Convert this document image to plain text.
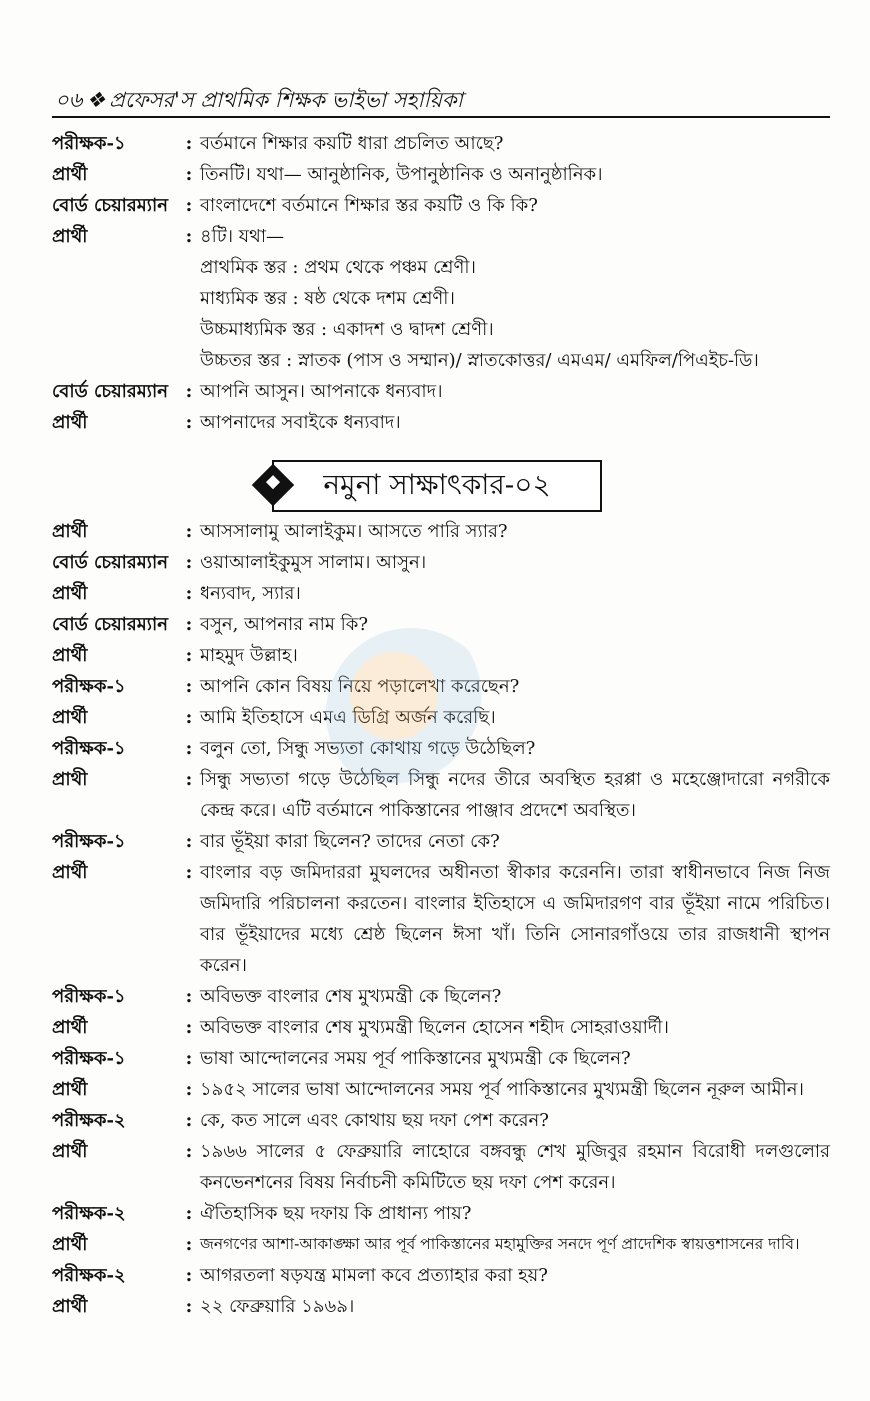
০৬ ❖ প্রফেসর'স প্রাথমিক শিক্ষক ভাইভা সহায়িকা
পরীক্ষক-১	: বর্তমানে শিক্ষার কয়টি ধারা প্রচলিত আছে?
প্রার্থী	: তিনটি। যথা— আনুষ্ঠানিক, উপানুষ্ঠানিক ও অনানুষ্ঠানিক।
বোর্ড চেয়ারম্যান : বাংলাদেশে বর্তমানে শিক্ষার স্তর কয়টি ও কি কি?
প্রার্থী	: ৪টি। যথা—
প্রাথমিক স্তর : প্রথম থেকে পঞ্চম শ্রেণী।
মাধ্যমিক স্তর : ষষ্ঠ থেকে দশম শ্রেণী।
উচ্চমাধ্যমিক স্তর : একাদশ ও দ্বাদশ শ্রেণী।
উচ্চতর স্তর : স্নাতক (পাস ও সম্মান)/ স্নাতকোত্তর/ এমএম/ এমফিল/পিএইচ-ডি।
বোর্ড চেয়ারম্যান : আপনি আসুন। আপনাকে ধন্যবাদ।
প্রার্থী	: আপনাদের সবাইকে ধন্যবাদ।
নমুনা সাক্ষাৎকার-০২
প্রার্থী	: আসসালামু আলাইকুম। আসতে পারি স্যার?
বোর্ড চেয়ারম্যান : ওয়াআলাইকুমুস সালাম। আসুন।
প্রার্থী	: ধন্যবাদ, স্যার।
বোর্ড চেয়ারম্যান : বসুন, আপনার নাম কি?
প্রার্থী	: মাহমুদ উল্লাহ।
পরীক্ষক-১	: আপনি কোন বিষয় নিয়ে পড়ালেখা করেছেন?
প্রার্থী	: আমি ইতিহাসে এমএ ডিগ্রি অর্জন করেছি।
পরীক্ষক-১	: বলুন তো, সিন্ধু সভ্যতা কোথায় গড়ে উঠেছিল?
প্রাথী	: সিন্ধু সভ্যতা গড়ে উঠেছিল সিন্ধু নদের তীরে অবস্থিত হরপ্পা ও মহেঞ্জোদারো নগরীকে কেন্দ্র করে। এটি বর্তমানে পাকিস্তানের পাঞ্জাব প্রদেশে অবস্থিত।
পরীক্ষক-১	: বার ভূঁইয়া কারা ছিলেন? তাদের নেতা কে?
প্রার্থী	: বাংলার বড় জমিদাররা মুঘলদের অধীনতা স্বীকার করেননি। তারা স্বাধীনভাবে নিজ নিজ জমিদারি পরিচালনা করতেন। বাংলার ইতিহাসে এ জমিদারগণ বার ভূঁইয়া নামে পরিচিত। বার ভূঁইয়াদের মধ্যে শ্রেষ্ঠ ছিলেন ঈসা খাঁ। তিনি সোনারগাঁওয়ে তার রাজধানী স্থাপন করেন।
পরীক্ষক-১	: অবিভক্ত বাংলার শেষ মুখ্যমন্ত্রী কে ছিলেন?
প্রার্থী	: অবিভক্ত বাংলার শেষ মুখ্যমন্ত্রী ছিলেন হোসেন শহীদ সোহরাওয়ার্দী।
পরীক্ষক-১	: ভাষা আন্দোলনের সময় পূর্ব পাকিস্তানের মুখ্যমন্ত্রী কে ছিলেন?
প্রার্থী	: ১৯৫২ সালের ভাষা আন্দোলনের সময় পূর্ব পাকিস্তানের মুখ্যমন্ত্রী ছিলেন নূরুল আমীন।
পরীক্ষক-২	: কে, কত সালে এবং কোথায় ছয় দফা পেশ করেন?
প্রার্থী	: ১৯৬৬ সালের ৫ ফেব্রুয়ারি লাহোরে বঙ্গবন্ধু শেখ মুজিবুর রহমান বিরোধী দলগুলোর কনভেনশনের বিষয় নির্বাচনী কমিটিতে ছয় দফা পেশ করেন।
পরীক্ষক-২	: ঐতিহাসিক ছয় দফায় কি প্রাধান্য পায়?
প্রার্থী	: জনগণের আশা-আকাঙ্ক্ষা আর পূর্ব পাকিস্তানের মহামুক্তির সনদে পূর্ণ প্রাদেশিক স্বায়ত্তশাসনের দাবি।
পরীক্ষক-২	: আগরতলা ষড়যন্ত্র মামলা কবে প্রত্যাহার করা হয়?
প্রার্থী	: ২২ ফেব্রুয়ারি ১৯৬৯।
